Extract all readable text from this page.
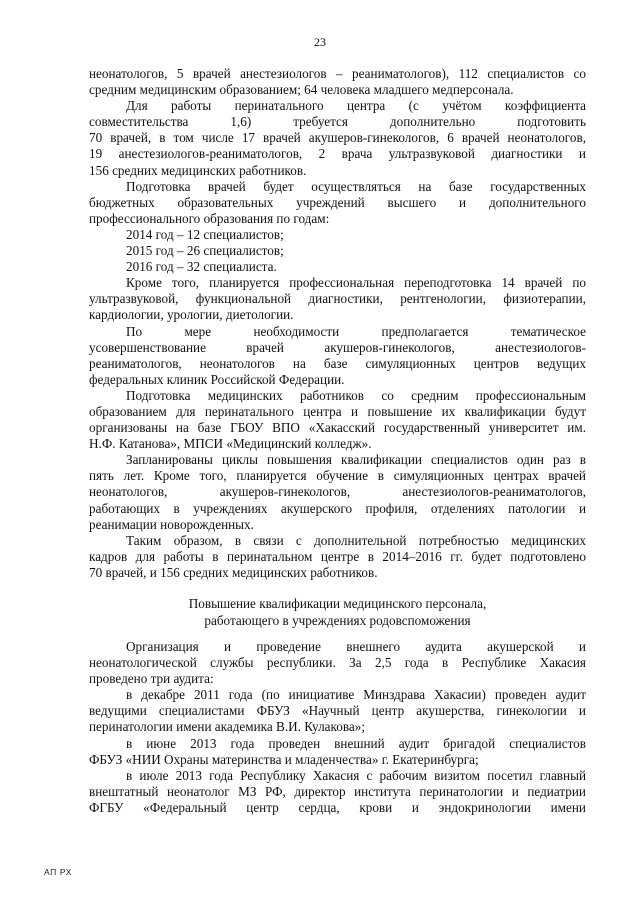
23

неонатологов, 5 врачей анестезиологов – реаниматологов), 112 специалистов со

средним медицинским образованием; 64 человека младшего медперсонала.

Для работы перинатального центра (с учётом коэффициента

совместительства 1,6) требуется дополнительно подготовить

70 врачей, в том числе 17 врачей акушеров-гинекологов, 6 врачей неонатологов,

19 анестезиологов-реаниматологов, 2 врача ультразвуковой диагностики и

156 средних медицинских работников.

Подготовка врачей будет осуществляться на базе государственных

бюджетных образовательных учреждений высшего и дополнительного

профессионального образования по годам:

2014 год – 12 специалистов;
2015 год – 26 специалистов;
2016 год – 32 специалиста.

Кроме того, планируется профессиональная переподготовка 14 врачей по

ультразвуковой, функциональной диагностики, рентгенологии, физиотерапии,

кардиологии, урологии, диетологии.

По мере необходимости предполагается тематическое

усовершенствование врачей акушеров-гинекологов, анестезиологов-

реаниматологов, неонатологов на базе симуляционных центров ведущих

федеральных клиник Российской Федерации.

Подготовка медицинских работников со средним профессиональным

образованием для перинатального центра и повышение их квалификации будут

организованы на базе ГБОУ ВПО «Хакасский государственный университет им.

Н.Ф. Катанова», МПСИ «Медицинский колледж».

Запланированы циклы повышения квалификации специалистов один раз в

пять лет. Кроме того, планируется обучение в симуляционных центрах врачей

неонатологов, акушеров-гинекологов, анестезиологов-реаниматологов,

работающих в учреждениях акушерского профиля, отделениях патологии и

реанимации новорожденных.

Таким образом, в связи с дополнительной потребностью медицинских

кадров для работы в перинатальном центре в 2014–2016 гг. будет подготовлено

70 врачей, и 156 средних медицинских работников.

Повышение квалификации медицинского персонала,
работающего в учреждениях родовспоможения

Организация и проведение внешнего аудита акушерской и

неонатологической службы республики. За 2,5 года в Республике Хакасия

проведено три аудита:

в декабре 2011 года (по инициативе Минздрава Хакасии) проведен аудит

ведущими специалистами ФБУЗ «Научный центр акушерства, гинекологии и

перинатологии имени академика В.И. Кулакова»;

в июне 2013 года проведен внешний аудит бригадой специалистов

ФБУЗ «НИИ Охраны материнства и младенчества» г. Екатеринбурга;

в июле 2013 года Республику Хакасия с рабочим визитом посетил главный

внештатный неонатолог МЗ РФ, директор института перинатологии и педиатрии

ФГБУ «Федеральный центр сердца, крови и эндокринологии имени

АП РХ
